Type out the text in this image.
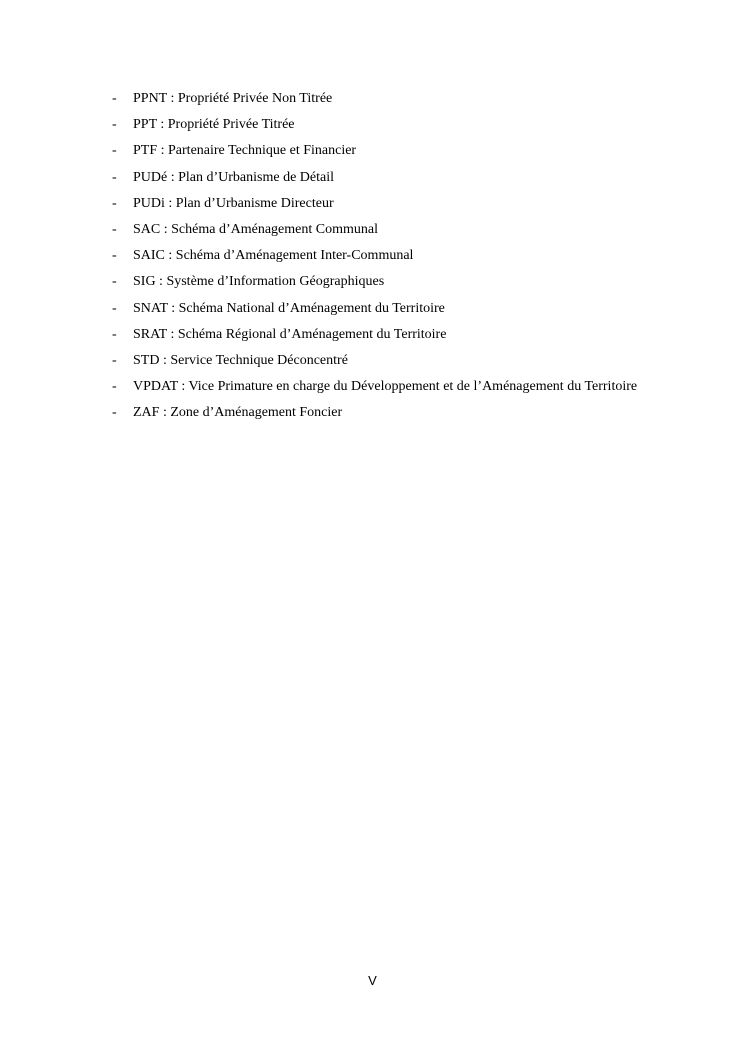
- PPNT : Propriété Privée Non Titrée
- PPT : Propriété Privée Titrée
- PTF : Partenaire Technique et Financier
- PUDé : Plan d’Urbanisme de Détail
- PUDi : Plan d’Urbanisme Directeur
- SAC : Schéma d’Aménagement Communal
- SAIC : Schéma d’Aménagement Inter-Communal
- SIG : Système d’Information Géographiques
- SNAT : Schéma National d’Aménagement du Territoire
- SRAT : Schéma Régional d’Aménagement du Territoire
- STD : Service Technique Déconcentré
- VPDAT : Vice Primature en charge du Développement et de l’Aménagement du Territoire
- ZAF : Zone d’Aménagement Foncier
V
